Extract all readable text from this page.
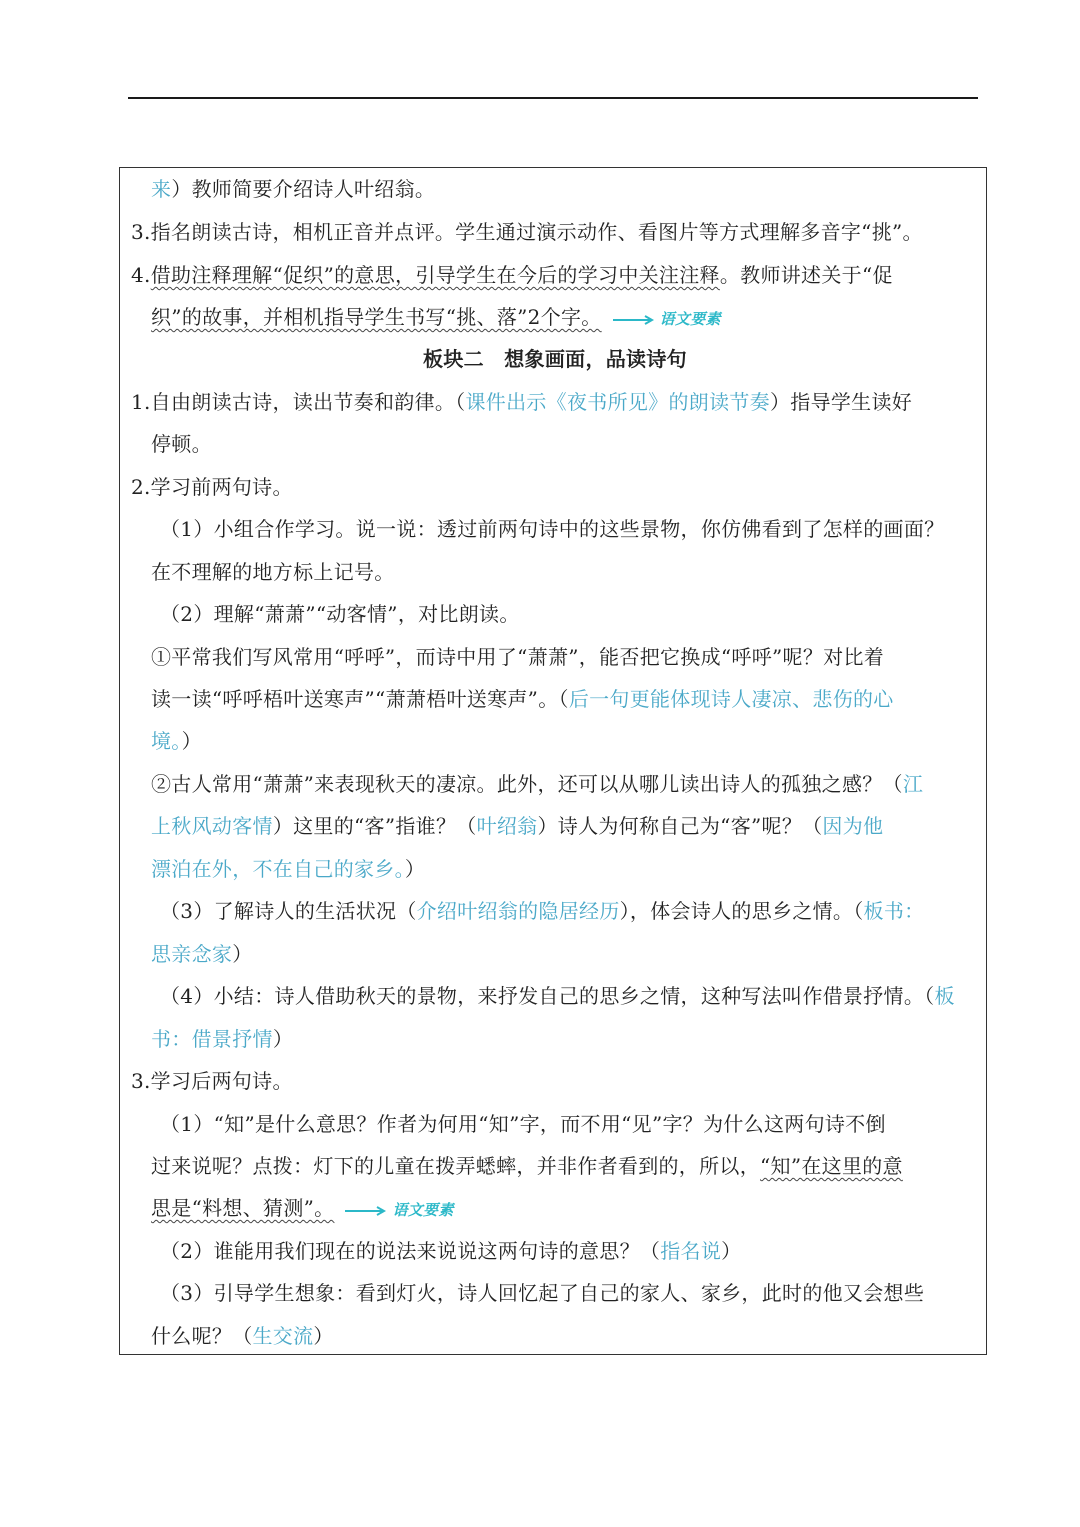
来）教师简要介绍诗人叶绍翁。
3.指名朗读古诗，相机正音并点评。学生通过演示动作、看图片等方式理解多音字“挑”。
4.借助注释理解“促织”的意思，引导学生在今后的学习中关注注释。教师讲述关于“促
织”的故事，并相机指导学生书写“挑、落”2个字。	语文要素
板块二　想象画面，品读诗句
1.自由朗读古诗，读出节奏和韵律。（课件出示《夜书所见》的朗读节奏）指导学生读好
停顿。
2.学习前两句诗。
（1）小组合作学习。说一说：透过前两句诗中的这些景物，你仿佛看到了怎样的画面？
在不理解的地方标上记号。
（2）理解“萧萧”“动客情”，对比朗读。
①平常我们写风常用“呼呼”，而诗中用了“萧萧”，能否把它换成“呼呼”呢？对比着
读一读“呼呼梧叶送寒声”“萧萧梧叶送寒声”。（后一句更能体现诗人凄凉、悲伤的心
境。）
②古人常用“萧萧”来表现秋天的凄凉。此外，还可以从哪儿读出诗人的孤独之感？（江
上秋风动客情）这里的“客”指谁？（叶绍翁）诗人为何称自己为“客”呢？（因为他
漂泊在外，不在自己的家乡。）
（3）了解诗人的生活状况（介绍叶绍翁的隐居经历），体会诗人的思乡之情。（板书：
思亲念家）
（4）小结：诗人借助秋天的景物，来抒发自己的思乡之情，这种写法叫作借景抒情。（板
书：借景抒情）
3.学习后两句诗。
（1）“知”是什么意思？作者为何用“知”字，而不用“见”字？为什么这两句诗不倒
过来说呢？点拨：灯下的儿童在拨弄蟋蟀，并非作者看到的，所以，“知”在这里的意
思是“料想、猜测”。	语文要素
（2）谁能用我们现在的说法来说说这两句诗的意思？（指名说）
（3）引导学生想象：看到灯火，诗人回忆起了自己的家人、家乡，此时的他又会想些
什么呢？（生交流）
